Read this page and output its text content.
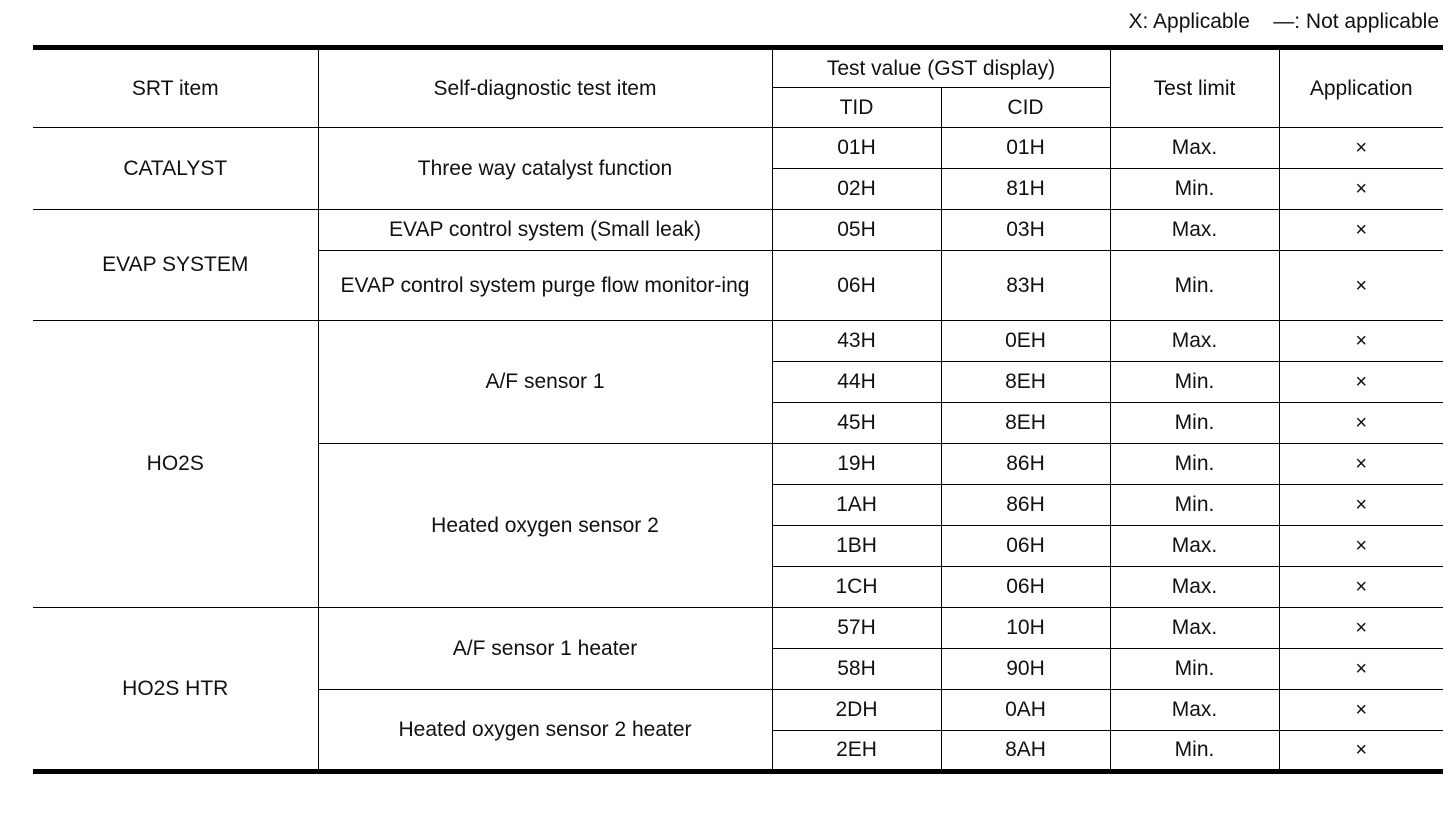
X: Applicable    —: Not applicable
SRT item	Self-diagnostic test item	Test value (GST display)		Test limit	Application
		TID	CID		
CATALYST	Three way catalyst function	01H	01H	Max.	×
		02H	81H	Min.	×
EVAP SYSTEM	EVAP control system (Small leak)	05H	03H	Max.	×
	EVAP control system purge flow monitor-ing	06H	83H	Min.	×
HO2S	A/F sensor 1	43H	0EH	Max.	×
		44H	8EH	Min.	×
		45H	8EH	Min.	×
	Heated oxygen sensor 2	19H	86H	Min.	×
		1AH	86H	Min.	×
		1BH	06H	Max.	×
		1CH	06H	Max.	×
HO2S HTR	A/F sensor 1 heater	57H	10H	Max.	×
		58H	90H	Min.	×
	Heated oxygen sensor 2 heater	2DH	0AH	Max.	×
		2EH	8AH	Min.	×
